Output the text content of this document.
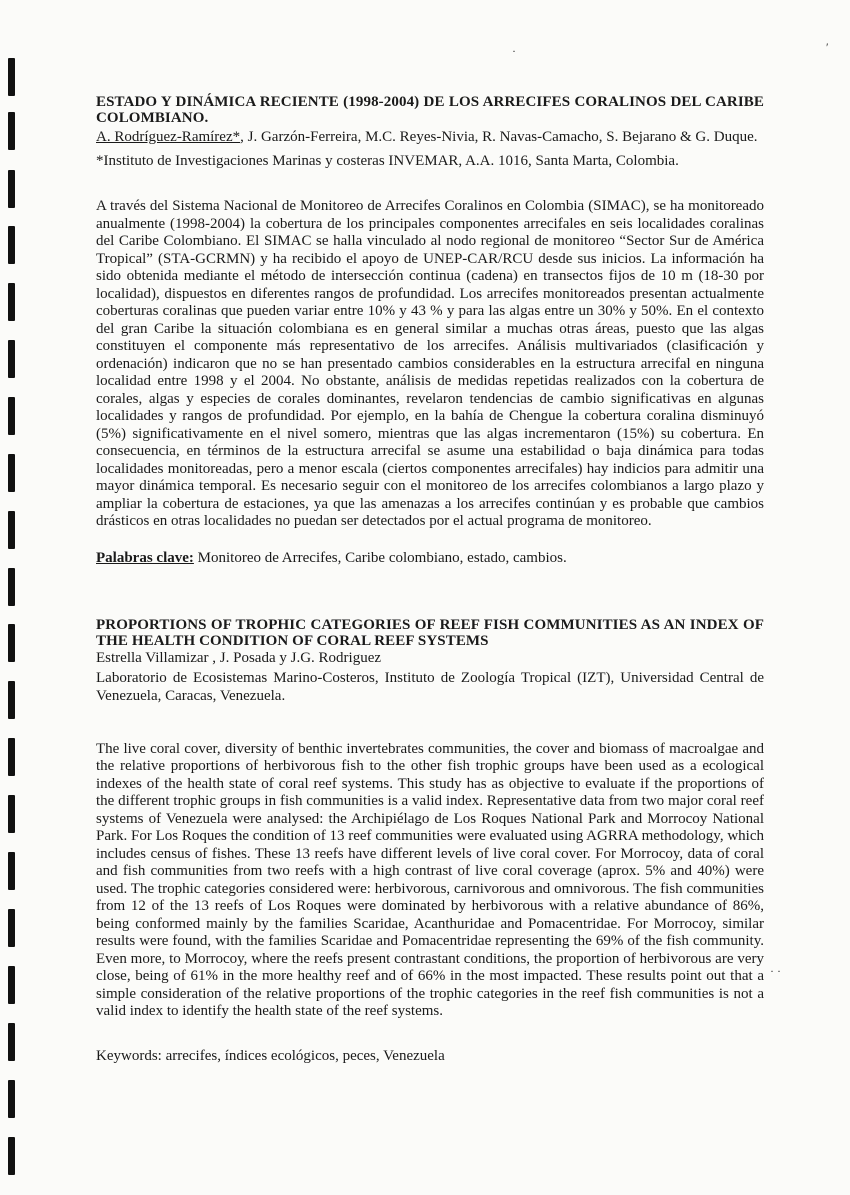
·	′
· ·
ESTADO Y DINÁMICA RECIENTE (1998-2004) DE LOS ARRECIFES CORALINOS DEL CARIBE COLOMBIANO.

A. Rodríguez-Ramírez*, J. Garzón-Ferreira, M.C. Reyes-Nivia, R. Navas-Camacho, S. Bejarano & G. Duque.

*Instituto de Investigaciones Marinas y costeras INVEMAR, A.A. 1016, Santa Marta, Colombia.

A través del Sistema Nacional de Monitoreo de Arrecifes Coralinos en Colombia (SIMAC), se ha monitoreado anualmente (1998-2004) la cobertura de los principales componentes arrecifales en seis localidades coralinas del Caribe Colombiano. El SIMAC se halla vinculado al nodo regional de monitoreo “Sector Sur de América Tropical” (STA-GCRMN) y ha recibido el apoyo de UNEP-CAR/RCU desde sus inicios. La información ha sido obtenida mediante el método de intersección continua (cadena) en transectos fijos de 10 m (18-30 por localidad), dispuestos en diferentes rangos de profundidad. Los arrecifes monitoreados presentan actualmente coberturas coralinas que pueden variar entre 10% y 43 % y para las algas entre un 30% y 50%. En el contexto del gran Caribe la situación colombiana es en general similar a muchas otras áreas, puesto que las algas constituyen el componente más representativo de los arrecifes. Análisis multivariados (clasificación y ordenación) indicaron que no se han presentado cambios considerables en la estructura arrecifal en ninguna localidad entre 1998 y el 2004. No obstante, análisis de medidas repetidas realizados con la cobertura de corales, algas y especies de corales dominantes, revelaron tendencias de cambio significativas en algunas localidades y rangos de profundidad. Por ejemplo, en la bahía de Chengue la cobertura coralina disminuyó (5%) significativamente en el nivel somero, mientras que las algas incrementaron (15%) su cobertura. En consecuencia, en términos de la estructura arrecifal se asume una estabilidad o baja dinámica para todas localidades monitoreadas, pero a menor escala (ciertos componentes arrecifales) hay indicios para admitir una mayor dinámica temporal. Es necesario seguir con el monitoreo de los arrecifes colombianos a largo plazo y ampliar la cobertura de estaciones, ya que las amenazas a los arrecifes continúan y es probable que cambios drásticos en otras localidades no puedan ser detectados por el actual programa de monitoreo.

Palabras clave: Monitoreo de Arrecifes, Caribe colombiano, estado, cambios.

PROPORTIONS OF TROPHIC CATEGORIES OF REEF FISH COMMUNITIES AS AN INDEX OF THE HEALTH CONDITION OF CORAL REEF SYSTEMS

Estrella Villamizar , J. Posada y J.G. Rodriguez

Laboratorio de Ecosistemas Marino-Costeros, Instituto de Zoología Tropical (IZT), Universidad Central de Venezuela, Caracas, Venezuela.

The live coral cover, diversity of benthic invertebrates communities, the cover and biomass of macroalgae and the relative proportions of herbivorous fish to the other fish trophic groups have been used as a ecological indexes of the health state of coral reef systems. This study has as objective to evaluate if the proportions of the different trophic groups in fish communities is a valid index. Representative data from two major coral reef systems of Venezuela were analysed: the Archipiélago de Los Roques National Park and Morrocoy National Park. For Los Roques the condition of 13 reef communities were evaluated using AGRRA methodology, which includes census of fishes. These 13 reefs have different levels of live coral cover. For Morrocoy, data of coral and fish communities from two reefs with a high contrast of live coral coverage (aprox. 5% and 40%) were used. The trophic categories considered were: herbivorous, carnivorous and omnivorous. The fish communities from 12 of the 13 reefs of Los Roques were dominated by herbivorous with a relative abundance of 86%, being conformed mainly by the families Scaridae, Acanthuridae and Pomacentridae. For Morrocoy, similar results were found, with the families Scaridae and Pomacentridae representing the 69% of the fish community. Even more, to Morrocoy, where the reefs present contrastant conditions, the proportion of herbivorous are very close, being of 61% in the more healthy reef and of 66% in the most impacted. These results point out that a simple consideration of the relative proportions of the trophic categories in the reef fish communities is not a valid index to identify the health state of the reef systems.

Keywords: arrecifes, índices ecológicos, peces, Venezuela
